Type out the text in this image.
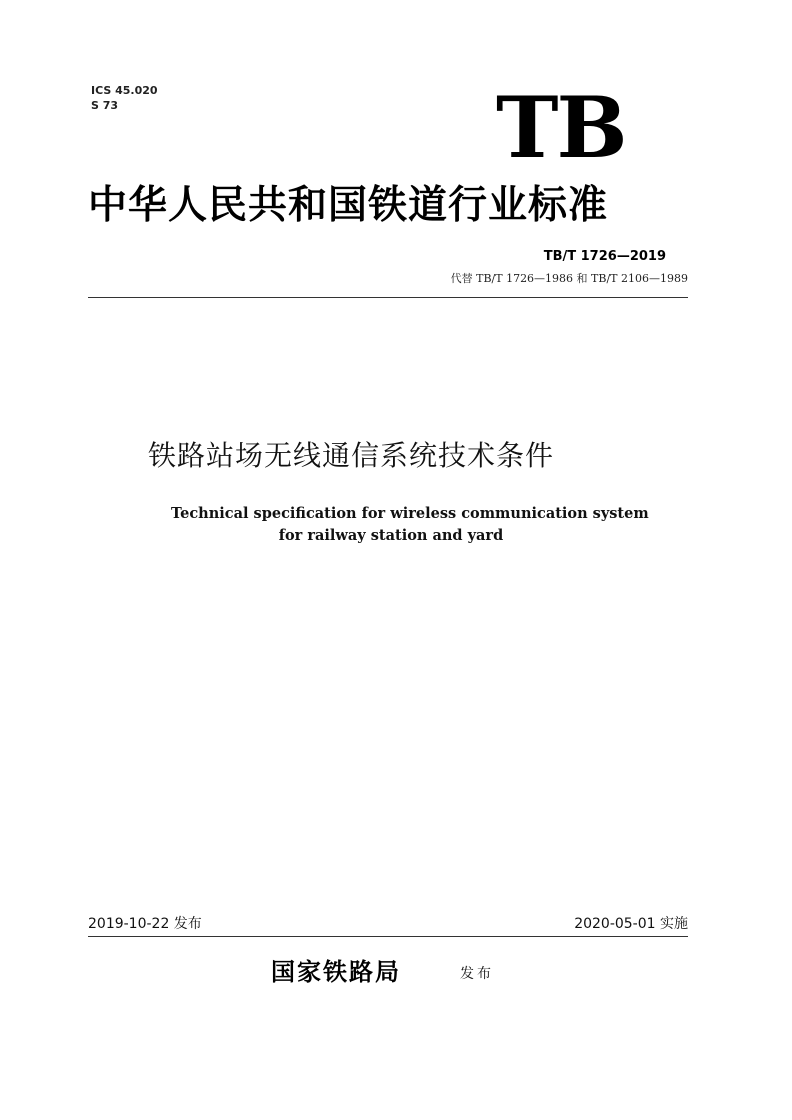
ICS 45.020
S 73	TB
中华人民共和国铁道行业标准
TB/T 1726—2019
代替 TB/T 1726—1986 和 TB/T 2106—1989
铁路站场无线通信系统技术条件
Technical specification for wireless communication system
for railway station and yard
2019-10-22 发布	2020-05-01 实施
国家铁路局	发布
